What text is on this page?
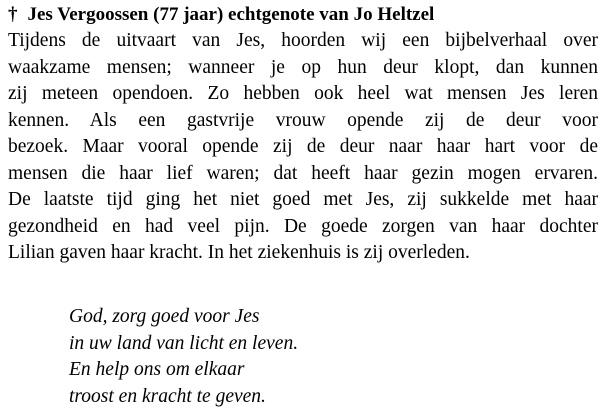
† Jes Vergoossen (77 jaar) echtgenote van Jo Heltzel
Tijdens de uitvaart van Jes, hoorden wij een bijbelverhaal over
waakzame mensen; wanneer je op hun deur klopt, dan kunnen
zij meteen opendoen. Zo hebben ook heel wat mensen Jes leren
kennen. Als een gastvrije vrouw opende zij de deur voor
bezoek. Maar vooral opende zij de deur naar haar hart voor de
mensen die haar lief waren; dat heeft haar gezin mogen ervaren.
De laatste tijd ging het niet goed met Jes, zij sukkelde met haar
gezondheid en had veel pijn. De goede zorgen van haar dochter
Lilian gaven haar kracht. In het ziekenhuis is zij overleden.
God, zorg goed voor Jes
in uw land van licht en leven.
En help ons om elkaar
troost en kracht te geven.
